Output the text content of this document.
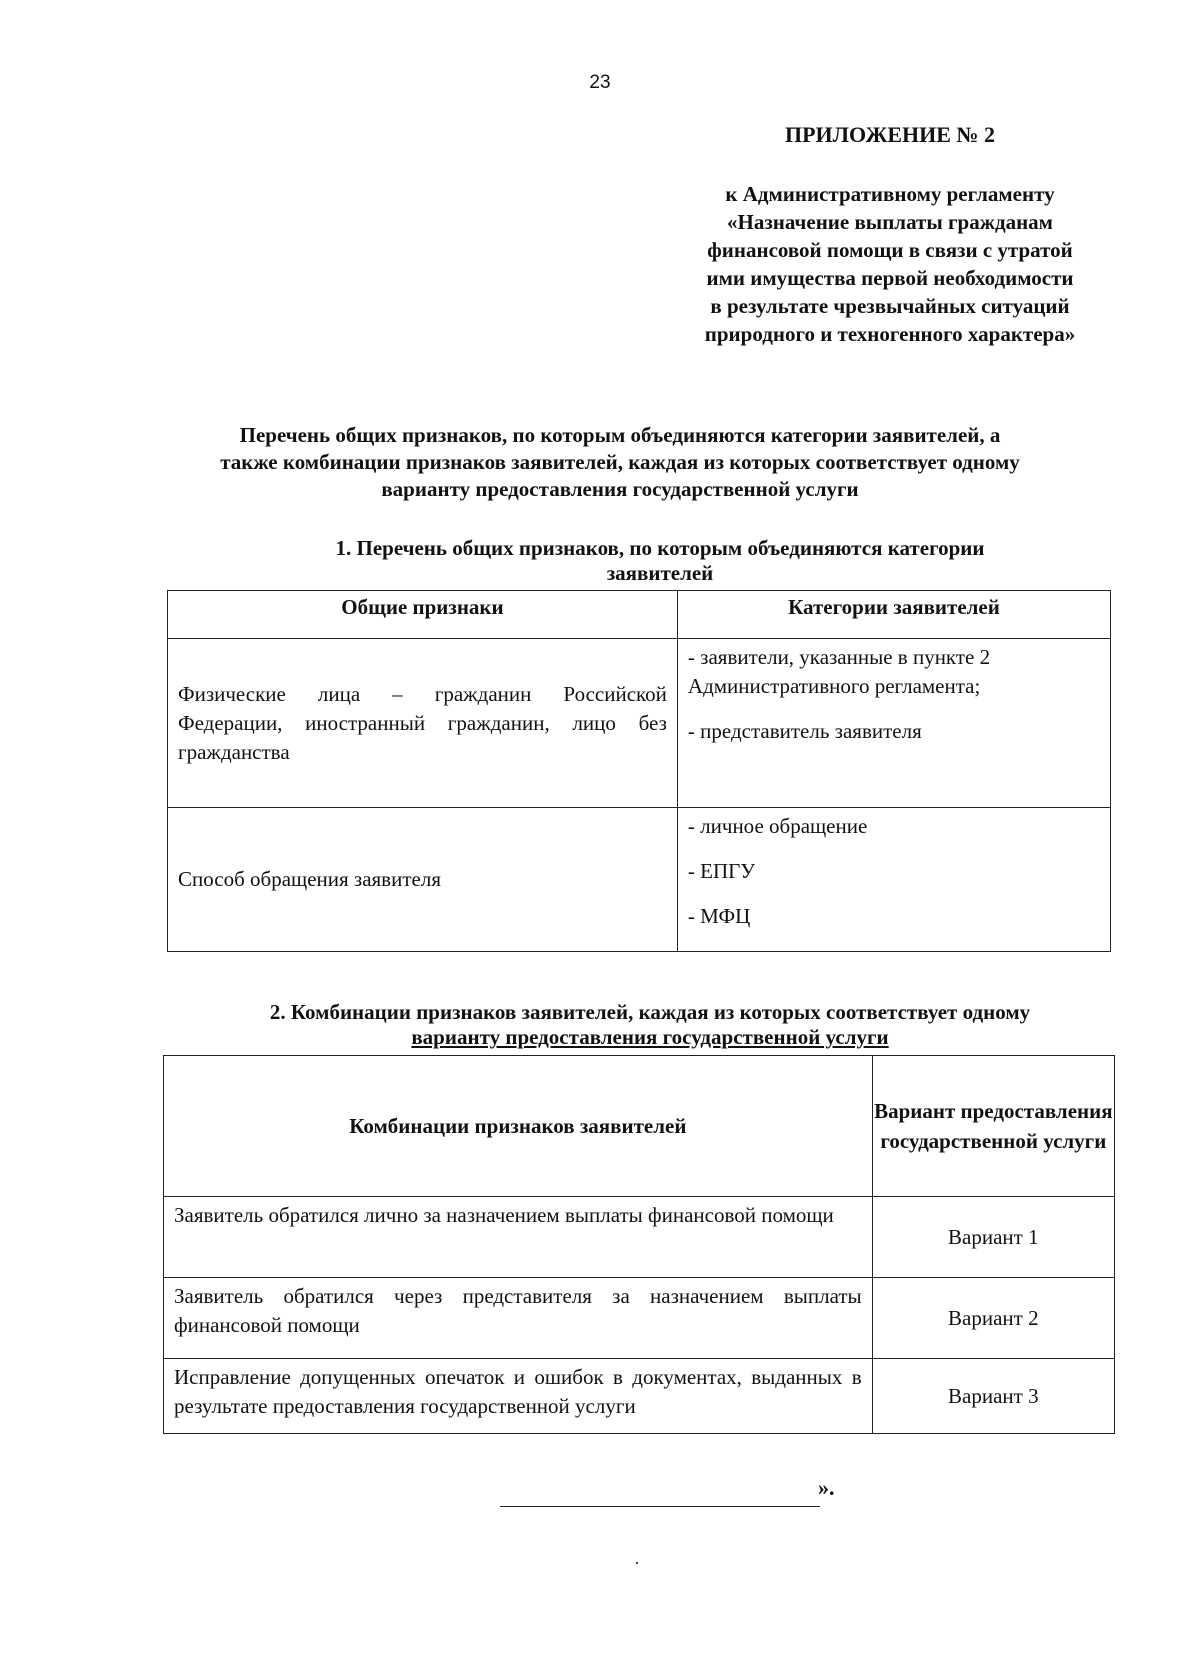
23
ПРИЛОЖЕНИЕ № 2
к Административному регламенту
«Назначение выплаты гражданам
финансовой помощи в связи с утратой
ими имущества первой необходимости
в результате чрезвычайных ситуаций
природного и техногенного характера»
Перечень общих признаков, по которым объединяются категории заявителей, а
также комбинации признаков заявителей, каждая из которых соответствует одному
варианту предоставления государственной услуги
1. Перечень общих признаков, по которым объединяются категории
заявителей
Общие признаки	Категории заявителей
Физические лица – гражданин Российской Федерации, иностранный гражданин, лицо без гражданства	- заявители, указанные в пункте 2 Административного регламента;
- представитель заявителя

Способ обращения заявителя	- личное обращение
- ЕПГУ
- МФЦ
2. Комбинации признаков заявителей, каждая из которых соответствует одному
варианту предоставления государственной услуги
Комбинации признаков заявителей	Вариант предоставления государственной услуги
Заявитель обратился лично за назначением выплаты финансовой помощи	Вариант 1
Заявитель обратился через представителя за назначением выплаты финансовой помощи	Вариант 2
Исправление допущенных опечаток и ошибок в документах, выданных в результате предоставления государственной услуги	Вариант 3
».
